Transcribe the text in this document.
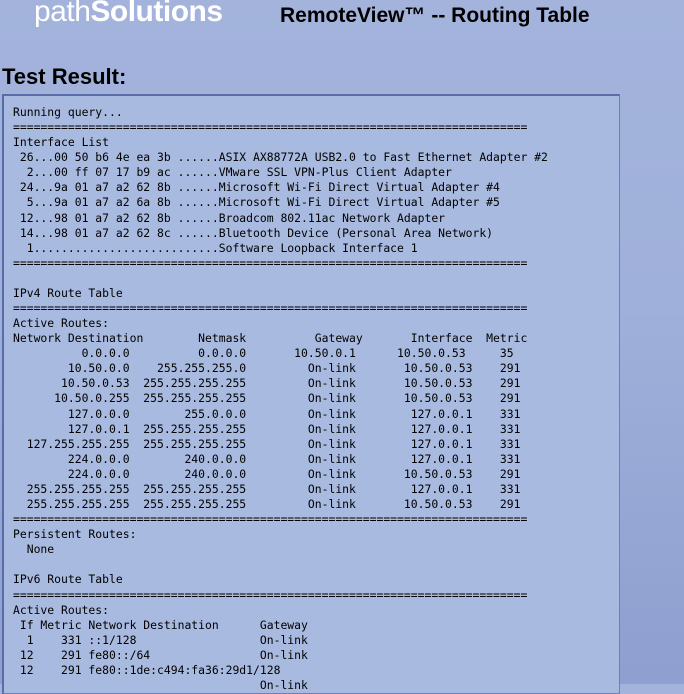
pathSolutions	RemoteView™ -- Routing Table
Test Result:
Running query...
===========================================================================
Interface List
26...00 50 b6 4e ea 3b ......ASIX AX88772A USB2.0 to Fast Ethernet Adapter #2
2...00 ff 07 17 b9 ac ......VMware SSL VPN-Plus Client Adapter
24...9a 01 a7 a2 62 8b ......Microsoft Wi-Fi Direct Virtual Adapter #4
5...9a 01 a7 a2 6a 8b ......Microsoft Wi-Fi Direct Virtual Adapter #5
12...98 01 a7 a2 62 8b ......Broadcom 802.11ac Network Adapter
14...98 01 a7 a2 62 8c ......Bluetooth Device (Personal Area Network)
1...........................Software Loopback Interface 1
===========================================================================

IPv4 Route Table
===========================================================================
Active Routes:
Network Destination        Netmask          Gateway       Interface  Metric
0.0.0.0          0.0.0.0       10.50.0.1      10.50.0.53     35
10.50.0.0    255.255.255.0         On-link       10.50.0.53    291
10.50.0.53  255.255.255.255         On-link       10.50.0.53    291
10.50.0.255  255.255.255.255         On-link       10.50.0.53    291
127.0.0.0        255.0.0.0         On-link        127.0.0.1    331
127.0.0.1  255.255.255.255         On-link        127.0.0.1    331
127.255.255.255  255.255.255.255         On-link        127.0.0.1    331
224.0.0.0        240.0.0.0         On-link        127.0.0.1    331
224.0.0.0        240.0.0.0         On-link       10.50.0.53    291
255.255.255.255  255.255.255.255         On-link        127.0.0.1    331
255.255.255.255  255.255.255.255         On-link       10.50.0.53    291
===========================================================================
Persistent Routes:
None

IPv6 Route Table
===========================================================================
Active Routes:
If Metric Network Destination      Gateway
1    331 ::1/128                  On-link
12    291 fe80::/64                On-link
12    291 fe80::1de:c494:fa36:29d1/128
On-link
